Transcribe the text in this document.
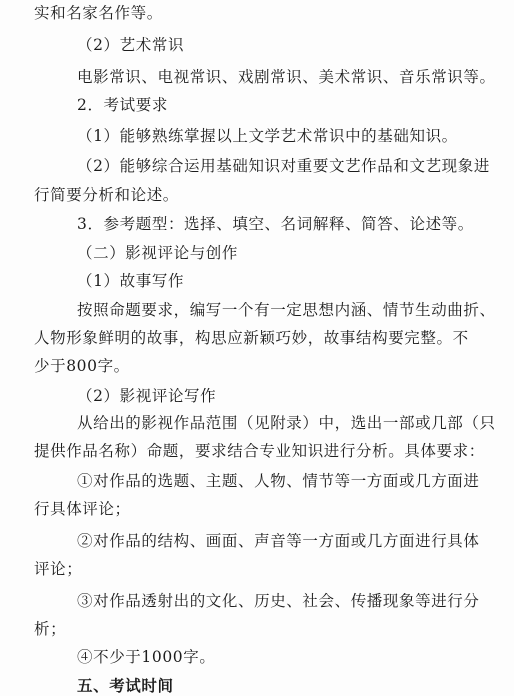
实和名家名作等。
（2）艺术常识
电影常识、电视常识、戏剧常识、美术常识、音乐常识等。
2．考试要求
（1）能够熟练掌握以上文学艺术常识中的基础知识。
（2）能够综合运用基础知识对重要文艺作品和文艺现象进
行简要分析和论述。
3．参考题型：选择、填空、名词解释、简答、论述等。
（二）影视评论与创作
（1）故事写作
按照命题要求，编写一个有一定思想内涵、情节生动曲折、
人物形象鲜明的故事，构思应新颖巧妙，故事结构要完整。不
少于800字。
（2）影视评论写作
从给出的影视作品范围（见附录）中，选出一部或几部（只
提供作品名称）命题，要求结合专业知识进行分析。具体要求：
①对作品的选题、主题、人物、情节等一方面或几方面进
行具体评论；
②对作品的结构、画面、声音等一方面或几方面进行具体
评论；
③对作品透射出的文化、历史、社会、传播现象等进行分
析；
④不少于1000字。
五、考试时间
